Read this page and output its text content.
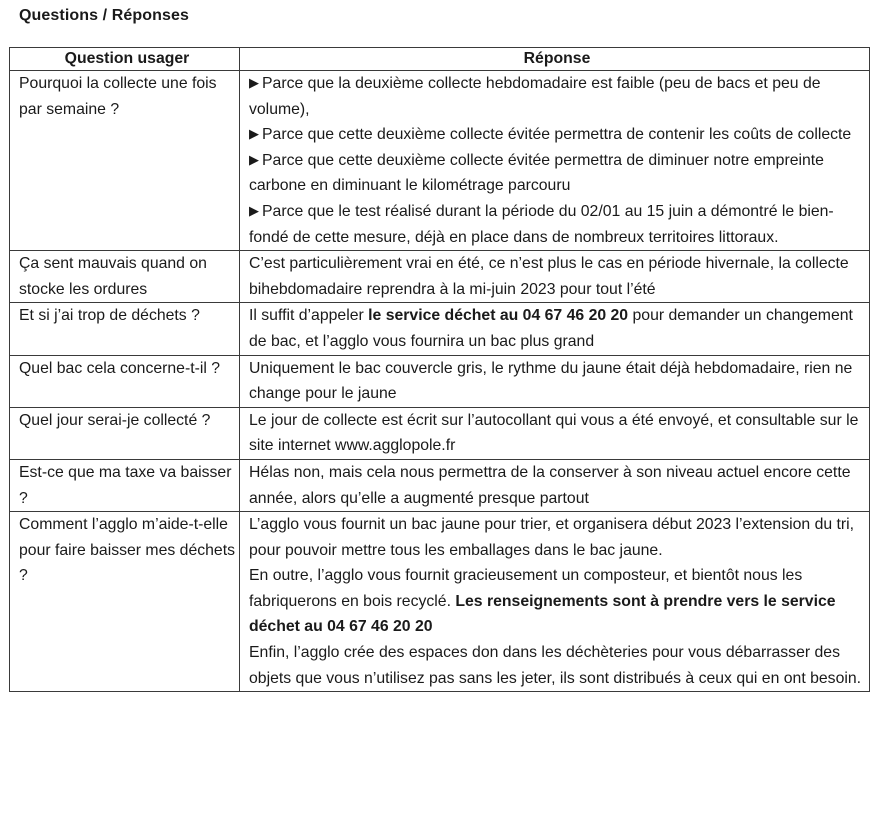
Questions / Réponses
Question usager	Réponse
Pourquoi la collecte une fois par semaine ?	▶ Parce que la deuxième collecte hebdomadaire est faible (peu de bacs et peu de volume),
▶ Parce que cette deuxième collecte évitée permettra de contenir les coûts de collecte
▶ Parce que cette deuxième collecte évitée permettra de diminuer notre empreinte carbone en diminuant le kilométrage parcouru
▶ Parce que le test réalisé durant la période du 02/01 au 15 juin a démontré le bien-fondé de cette mesure, déjà en place dans de nombreux territoires littoraux.

Ça sent mauvais quand on stocke les ordures	C’est particulièrement vrai en été, ce n’est plus le cas en période hivernale, la collecte bihebdomadaire reprendra à la mi-juin 2023 pour tout l’été

Et si j’ai trop de déchets ?	Il suffit d’appeler le service déchet au 04 67 46 20 20 pour demander un changement de bac, et l’agglo vous fournira un bac plus grand

Quel bac cela concerne-t-il ?	Uniquement le bac couvercle gris, le rythme du jaune était déjà hebdomadaire, rien ne change pour le jaune

Quel jour serai-je collecté ?	Le jour de collecte est écrit sur l’autocollant qui vous a été envoyé, et consultable sur le site internet www.agglopole.fr

Est-ce que ma taxe va baisser ?	Hélas non, mais cela nous permettra de la conserver à son niveau actuel encore cette année, alors qu’elle a augmenté presque partout

Comment l’agglo m’aide-t-elle pour faire baisser mes déchets ?	L’agglo vous fournit un bac jaune pour trier, et organisera début 2023 l’extension du tri, pour pouvoir mettre tous les emballages dans le bac jaune.
En outre, l’agglo vous fournit gracieusement un composteur, et bientôt nous les fabriquerons en bois recyclé. Les renseignements sont à prendre vers le service déchet au 04 67 46 20 20
Enfin, l’agglo crée des espaces don dans les déchèteries pour vous débarrasser des objets que vous n’utilisez pas sans les jeter, ils sont distribués à ceux qui en ont besoin.
